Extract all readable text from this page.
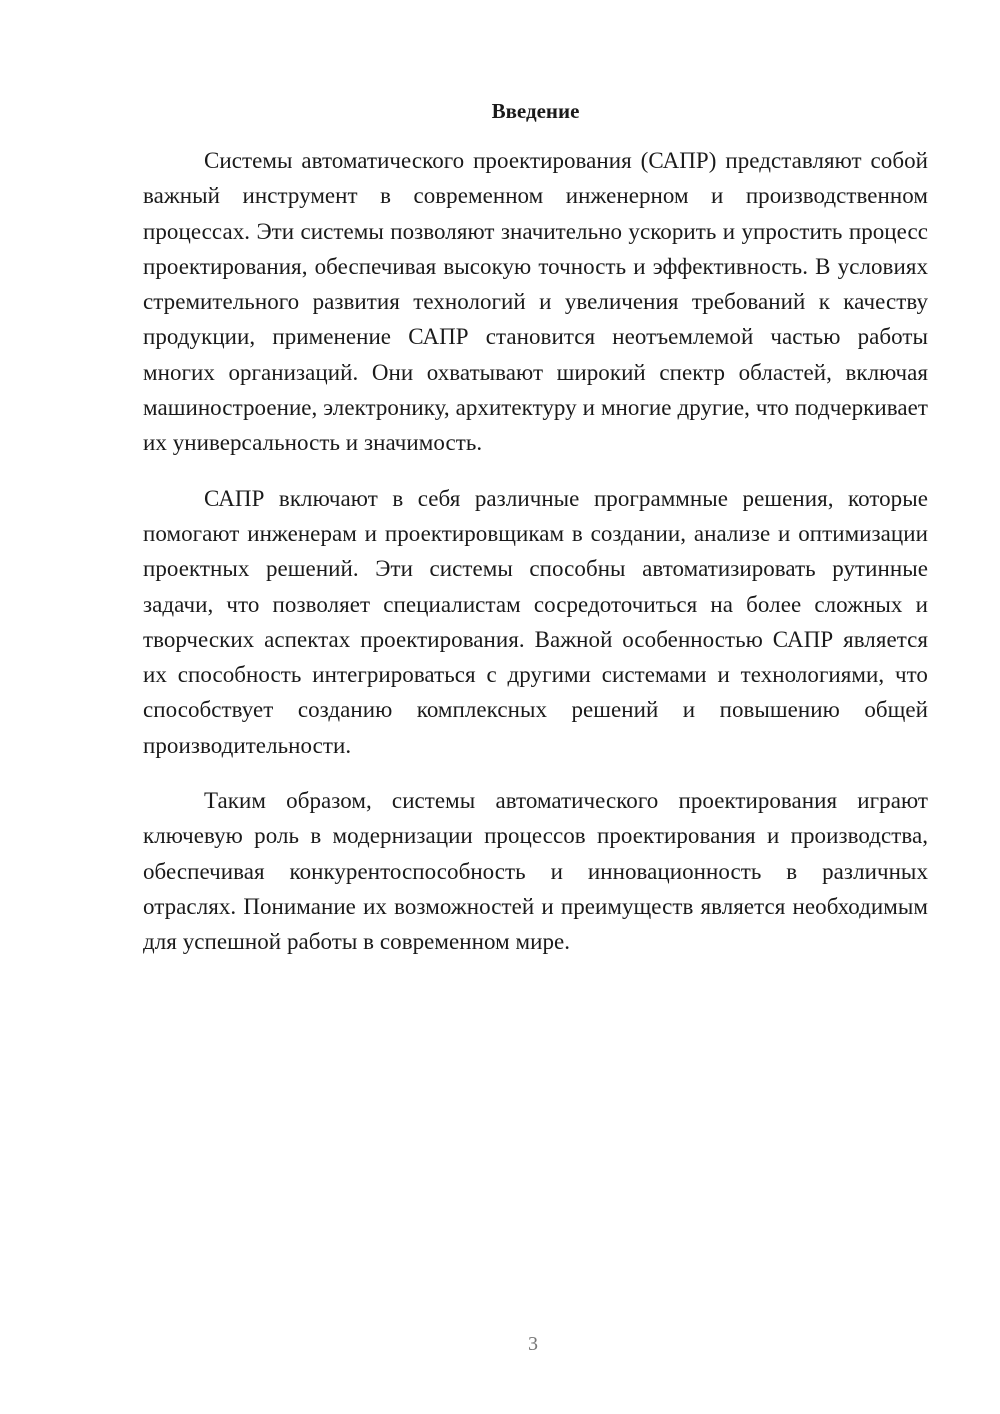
Введение

Системы автоматического проектирования (САПР) представляют собой важный инструмент в современном инженерном и производственном процессах. Эти системы позволяют значительно ускорить и упростить процесс проектирования, обеспечивая высокую точность и эффективность. В условиях стремительного развития технологий и увеличения требований к качеству продукции, применение САПР становится неотъемлемой частью работы многих организаций. Они охватывают широкий спектр областей, включая машиностроение, электронику, архитектуру и многие другие, что подчеркивает их универсальность и значимость.

САПР включают в себя различные программные решения, которые помогают инженерам и проектировщикам в создании, анализе и оптимизации проектных решений. Эти системы способны автоматизировать рутинные задачи, что позволяет специалистам сосредоточиться на более сложных и творческих аспектах проектирования. Важной особенностью САПР является их способность интегрироваться с другими системами и технологиями, что способствует созданию комплексных решений и повышению общей производительности.

Таким образом, системы автоматического проектирования играют ключевую роль в модернизации процессов проектирования и производства, обеспечивая конкурентоспособность и инновационность в различных отраслях. Понимание их возможностей и преимуществ является необходимым для успешной работы в современном мире.

3
